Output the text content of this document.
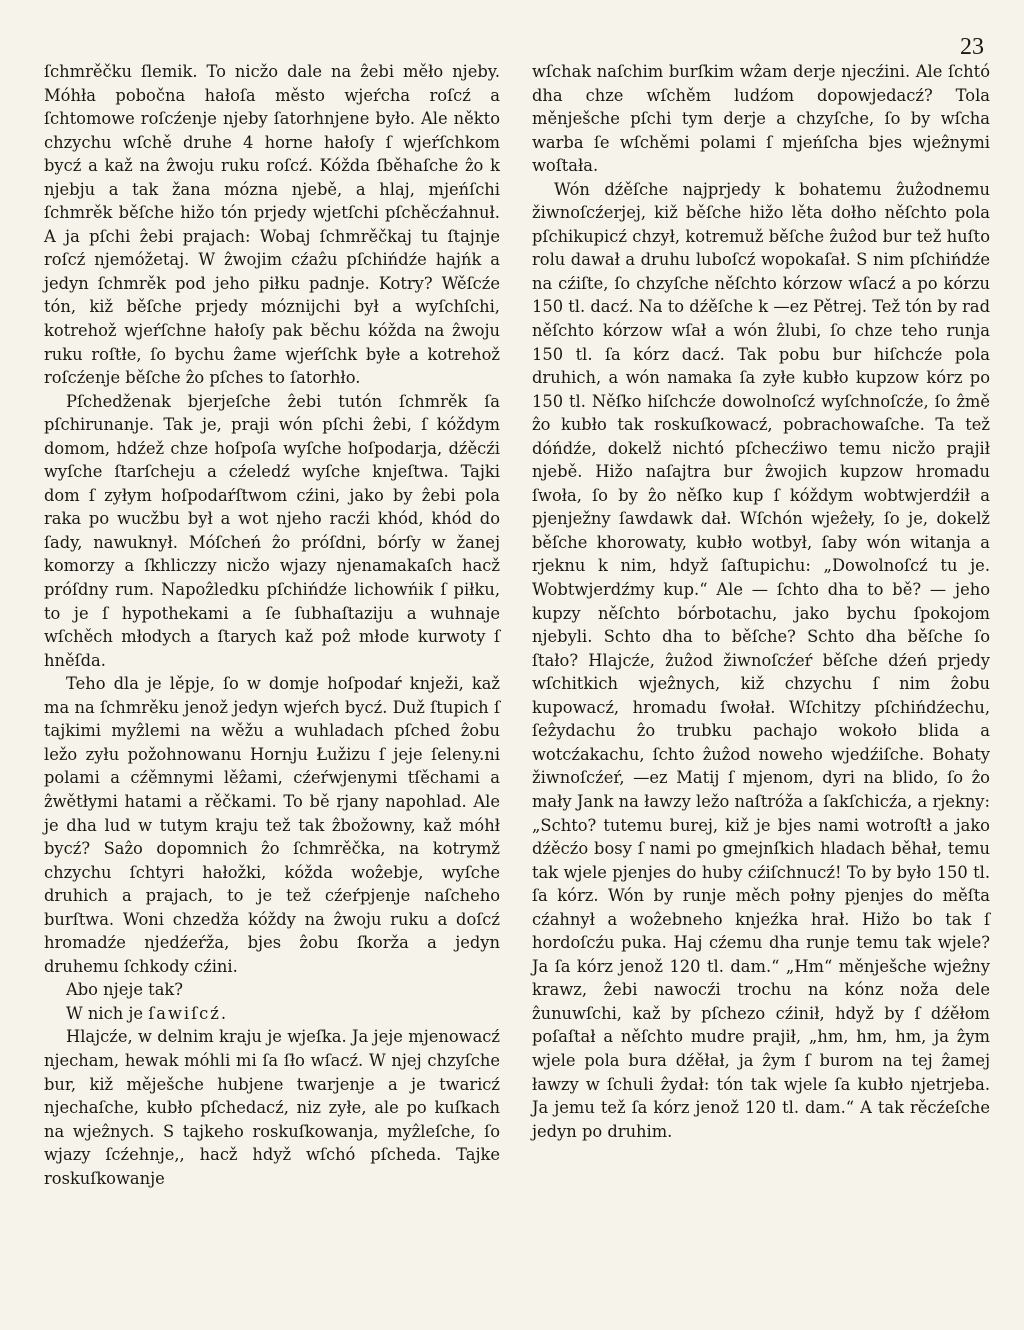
23

ſchmrěčku ſlemik. To nicžo dale na ẑebi měło njeby. Móhła pobočna hałoſa město wjeŕcha roſcź a ſchtomowe roſcźenje njeby ſatorhnjene było. Ale někto chzychu wſchě druhe 4 horne hałoſy ſ wjeŕſchkom bycź a kaž na ẑwoju ruku roſcź. Kóžda ſběhaſche ẑo k njebju a tak žana mózna njebě, a hlaj, mjeńſchi ſchmrěk běſche hižo tón prjedy wjetſchi pſchěcźahnuł. A ja pſchi ẑebi prajach: Wobaj ſchmrěčkaj tu ſtajnje roſcź njemóžetaj. W ẑwojim cźaẑu pſchińdźe hajńk a jedyn ſchmrěk pod jeho piłku padnje. Kotry? Wěſcźe tón, kiž běſche prjedy móznijchi był a wyſchſchi, kotrehož wjeŕſchne hałoſy pak běchu kóžda na ẑwoju ruku roſtłe, ſo bychu ẑame wjeŕſchk byłe a kotrehož roſcźenje běſche ẑo pſches to ſatorhło.

Pſchedženak bjerjeſche ẑebi tutón ſchmrěk ſa pſchirunanje. Tak je, praji wón pſchi ẑebi, ſ kóždym domom, hdźež chze hoſpoſa wyſche hoſpodarja, dźěcźi wyſche ſtarſcheju a cźeledź wyſche knjeſtwa. Tajki dom ſ zyłym hoſpodaŕſtwom cźini, jako by ẑebi pola raka po wucžbu był a wot njeho racźi khód, khód do ſady, nawuknył. Móſcheń ẑo próſdni, bórſy w žanej komorzy a ſkhliczzy nicžo wjazy njenamakaſch hacž próſdny rum. Napoẑledku pſchińdźe lichowńik ſ piłku, to je ſ hypothekami a ſe ſubhaſtaziju a wuhnaje wſchěch młodych a ſtarych kaž poẑ młode kurwoty ſ hněſda.

Teho dla je lěpje, ſo w domje hoſpodaŕ knježi, kaž ma na ſchmrěku jenož jedyn wjeŕch bycź. Duž ſtupich ſ tajkimi myẑlemi na wěžu a wuhladach pſched ẑobu ležo zyłu požohnowanu Hornju Łužizu ſ jeje ſeleny.ni polami a cźěmnymi lěẑami, cźeŕwjenymi tſěchami a ẑwětłymi hatami a rěčkami. To bě rjany napohlad. Ale je dha lud w tutym kraju tež tak ẑbožowny, kaž móhł bycź? Saẑo dopomnich ẑo ſchmrěčka, na kotrymž chzychu ſchtyri hałožki, kóžda woẑebje, wyſche druhich a prajach, to je tež cźeŕpjenje naſcheho burſtwa. Woni chzedža kóždy na ẑwoju ruku a doſcź hromadźe njedźeŕža, bjes ẑobu ſkorža a jedyn druhemu ſchkody cźini.

Abo njeje tak?

W nich je ſawiſcź.

Hlajcźe, w delnim kraju je wjeſka. Ja jeje mjenowacź njecham, hewak móhli mi ſa ſło wſacź. W njej chzyſche bur, kiž měješche hubjene twarjenje a je twaricź njechaſche, kubło pſchedacź, niz zyłe, ale po kuſkach na wjeẑnych. S tajkeho roskuſkowanja, myẑleſche, ſo wjazy ſcźehnje,, hacž hdyž wſchó pſcheda. Tajke roskuſkowanje

wſchak naſchim burſkim wẑam derje njecźini. Ale ſchtó dha chze wſchěm ludźom dopowjedacź? Tola měnješche pſchi tym derje a chzyſche, ſo by wſcha warba ſe wſchěmi polami ſ mjeńſcha bjes wjeẑnymi woſtała.

Wón dźěſche najprjedy k bohatemu ẑuẑodnemu žiwnoſcźerjej, kiž běſche hižo lěta dołho něſchto pola pſchikupicź chzył, kotremuž běſche ẑuẑod bur tež huſto rolu dawał a druhu luboſcź wopokaſał. S nim pſchińdźe na cźiſte, ſo chzyſche něſchto kórzow wſacź a po kórzu 150 tl. dacź. Na to dźěſche k —ez Pětrej. Tež tón by rad něſchto kórzow wſał a wón ẑlubi, ſo chze teho runja 150 tl. ſa kórz dacź. Tak pobu bur hiſchcźe pola druhich, a wón namaka ſa zyłe kubło kupzow kórz po 150 tl. Něſko hiſchcźe dowolnoſcź wyſchnoſcźe, ſo ẑmě ẑo kubło tak roskuſkowacź, pobrachowaſche. Ta tež dóńdźe, dokelž nichtó pſchecźiwo temu nicžo prajił njebě. Hižo naſajtra bur ẑwojich kupzow hromadu ſwoła, ſo by ẑo něſko kup ſ kóždym wobtwjerdźił a pjenježny ſawdawk dał. Wſchón wjeẑeły, ſo je, dokelž běſche khorowaty, kubło wotbył, ſaby wón witanja a rjeknu k nim, hdyž ſaſtupichu: „Dowolnoſcź tu je. Wobtwjerdźmy kup.“ Ale — ſchto dha to bě? — jeho kupzy něſchto bórbotachu, jako bychu ſpokojom njebyli. Schto dha to běſche? Schto dha běſche ſo ſtało? Hlajcźe, ẑuẑod žiwnoſcźeŕ běſche dźeń prjedy wſchitkich wjeẑnych, kiž chzychu ſ nim ẑobu kupowacź, hromadu ſwołał. Wſchitzy pſchińdźechu, ſeẑydachu ẑo trubku pachajo wokoło blida a wotcźakachu, ſchto ẑuẑod noweho wjedźiſche. Bohaty žiwnoſcźeŕ, —ez Matij ſ mjenom, dyri na blido, ſo ẑo mały Jank na ławzy ležo naſtróža a ſakſchicźa, a rjekny: „Schto? tutemu burej, kiž je bjes nami wotroſtł a jako dźěcźo bosy ſ nami po gmejnſkich hladach běhał, temu tak wjele pjenjes do huby cźiſchnucź! To by było 150 tl. ſa kórz. Wón by runje měch połny pjenjes do měſta cźahnył a woẑebneho knjeźka hrał. Hižo bo tak ſ hordoſcźu puka. Haj cźemu dha runje temu tak wjele? Ja ſa kórz jenož 120 tl. dam.“ „Hm“ měnješche wjeẑny krawz, ẑebi nawocźi trochu na kónz noža dele ẑunuwſchi, kaž by pſchezo cźinił, hdyž by ſ dźěłom poſaſtał a něſchto mudre prajił, „hm, hm, hm, ja ẑym wjele pola bura dźěłał, ja ẑym ſ burom na tej ẑamej ławzy w ſchuli ẑydał: tón tak wjele ſa kubło njetrjeba. Ja jemu tež ſa kórz jenož 120 tl. dam.“ A tak rěcźeſche jedyn po druhim.
